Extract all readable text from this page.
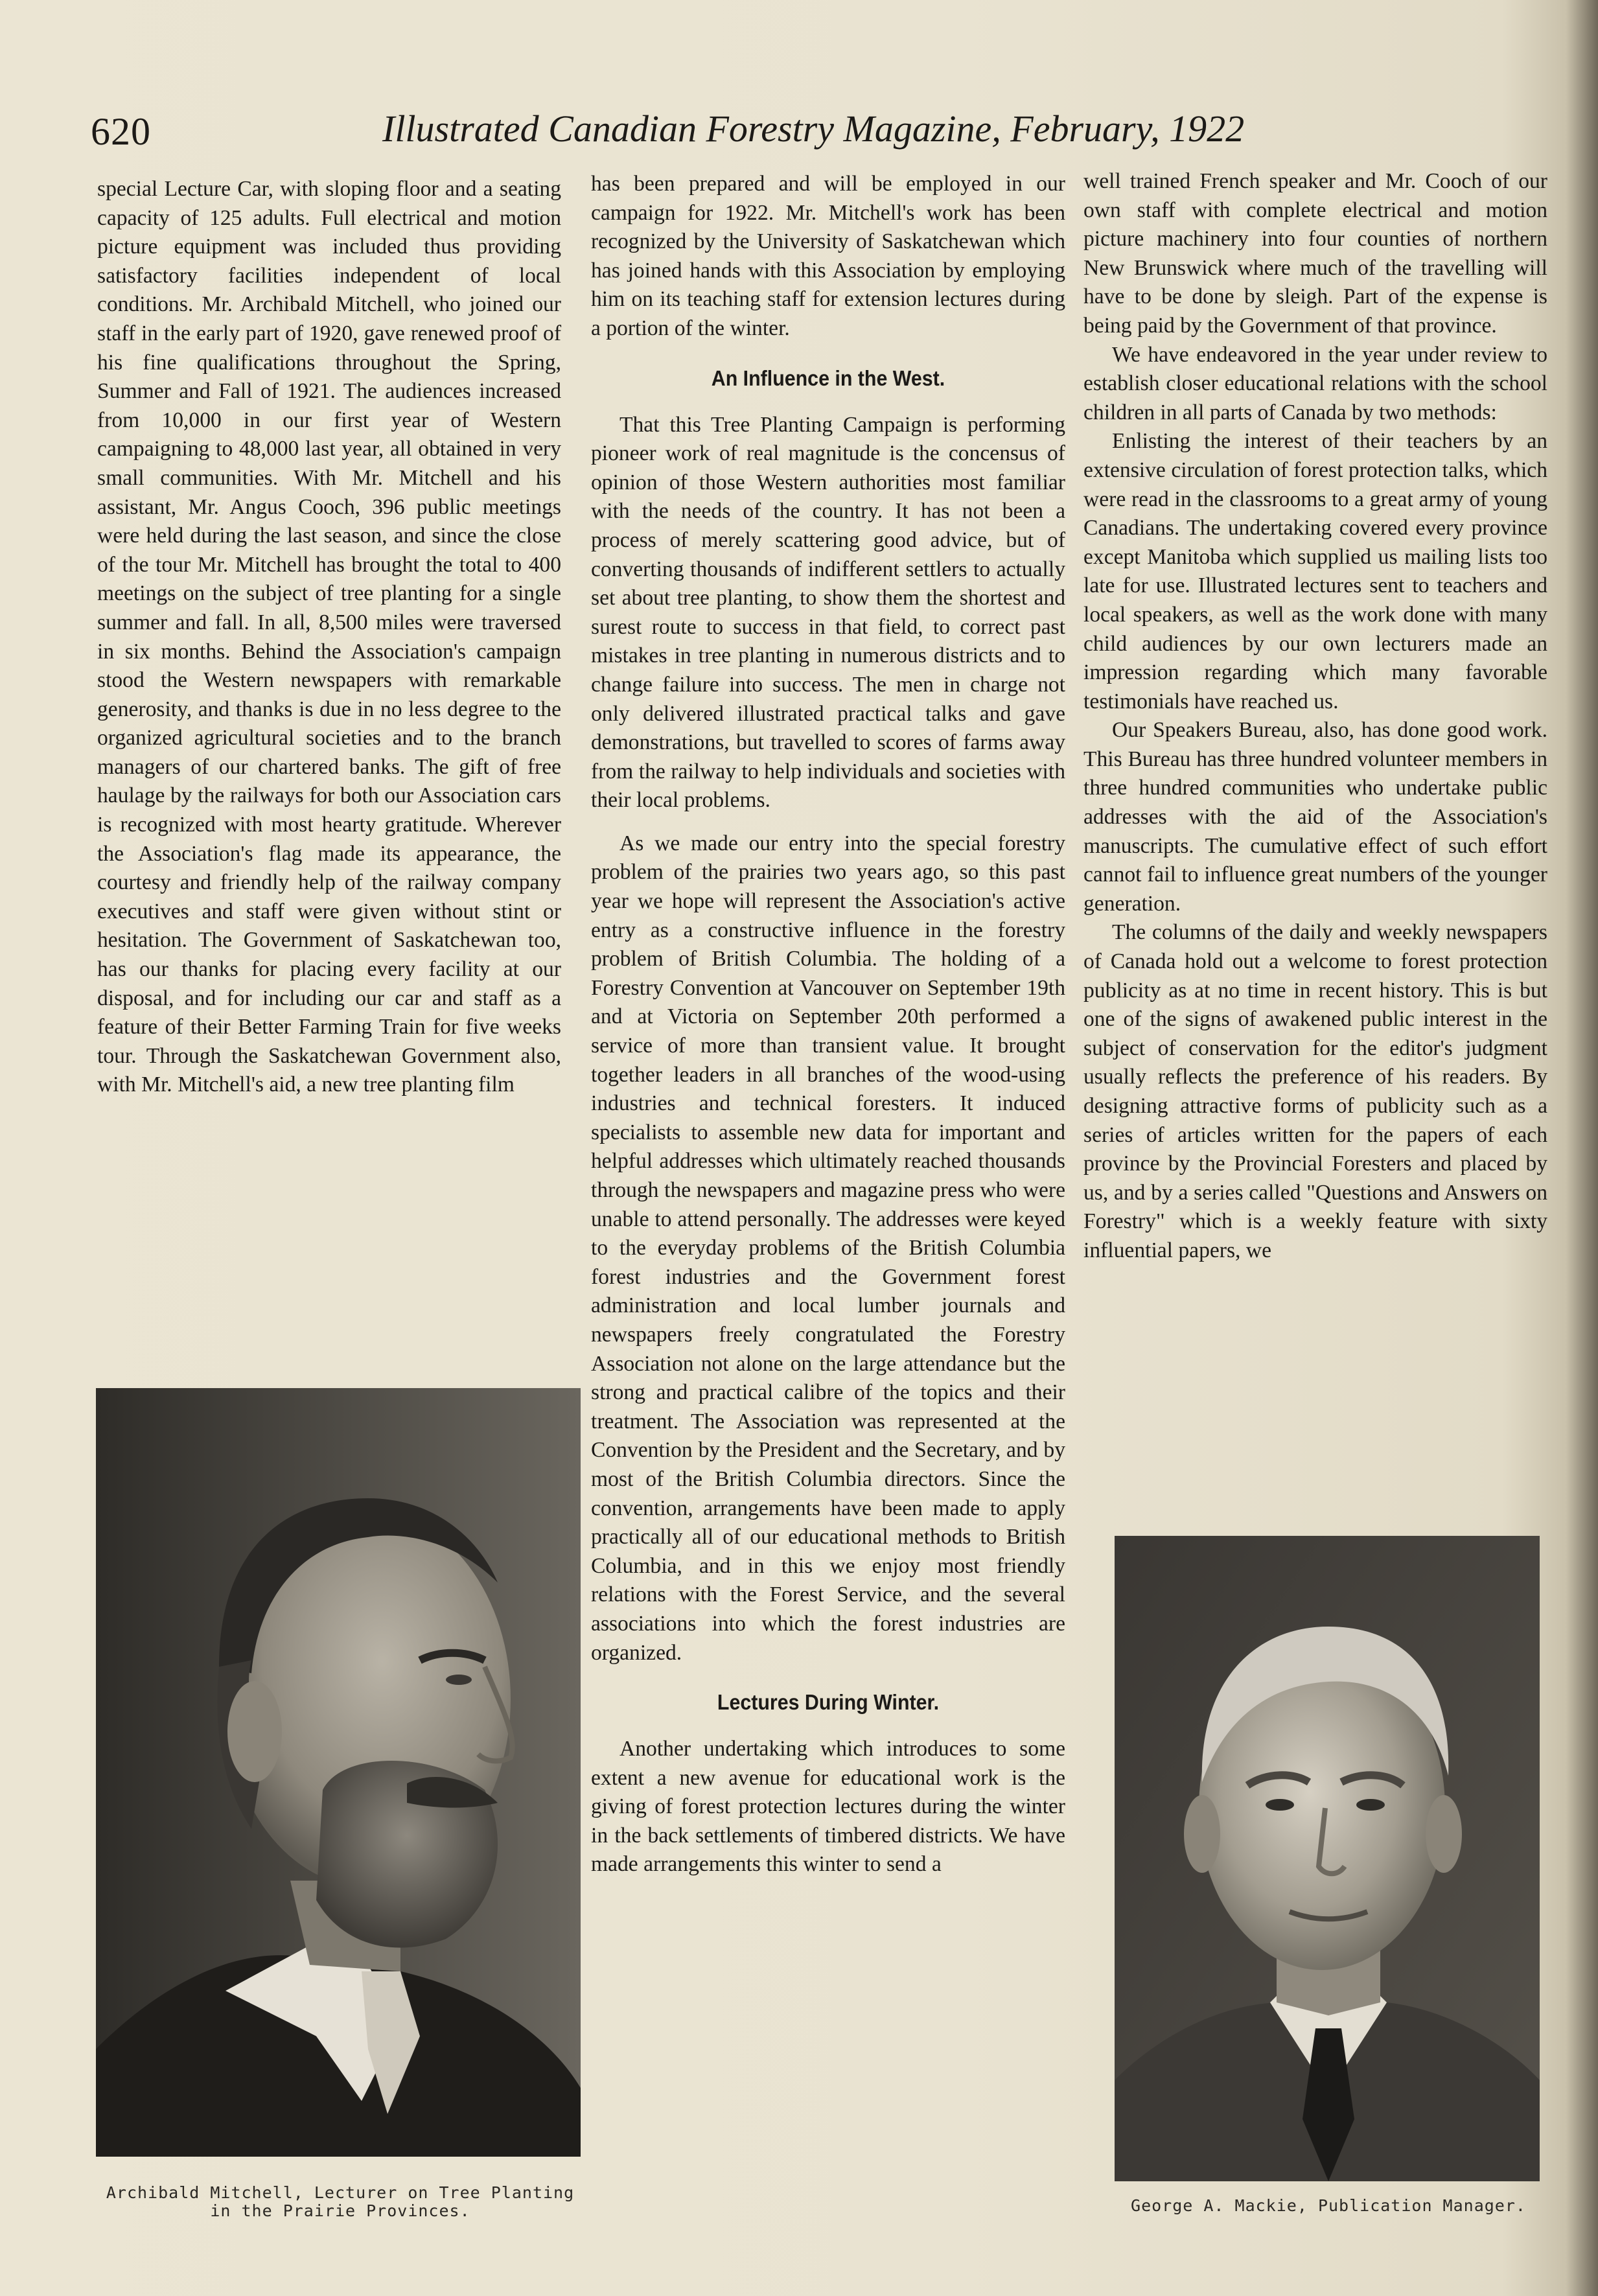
620	Illustrated Canadian Forestry Magazine, February, 1922

special Lecture Car, with sloping floor and a seating capacity of 125 adults. Full electrical and motion picture equipment was included thus providing satisfactory facilities independent of local conditions. Mr. Archibald Mitchell, who joined our staff in the early part of 1920, gave renewed proof of his fine qualifications throughout the Spring, Summer and Fall of 1921. The audiences increased from 10,000 in our first year of Western campaigning to 48,000 last year, all obtained in very small communities. With Mr. Mitchell and his assistant, Mr. Angus Cooch, 396 public meetings were held during the last season, and since the close of the tour Mr. Mitchell has brought the total to 400 meetings on the subject of tree planting for a single summer and fall. In all, 8,500 miles were traversed in six months. Behind the Association's campaign stood the Western newspapers with remarkable generosity, and thanks is due in no less degree to the organized agricultural societies and to the branch managers of our chartered banks. The gift of free haulage by the railways for both our Association cars is recognized with most hearty gratitude. Wherever the Association's flag made its appearance, the courtesy and friendly help of the railway company executives and staff were given without stint or hesitation. The Government of Saskatchewan too, has our thanks for placing every facility at our disposal, and for including our car and staff as a feature of their Better Farming Train for five weeks tour. Through the Saskatchewan Government also, with Mr. Mitchell's aid, a new tree planting film

has been prepared and will be employed in our campaign for 1922. Mr. Mitchell's work has been recognized by the University of Saskatchewan which has joined hands with this Association by employing him on its teaching staff for extension lectures during a portion of the winter.

An Influence in the West.

That this Tree Planting Campaign is performing pioneer work of real magnitude is the concensus of opinion of those Western authorities most familiar with the needs of the country. It has not been a process of merely scattering good advice, but of converting thousands of indifferent settlers to actually set about tree planting, to show them the shortest and surest route to success in that field, to correct past mistakes in tree planting in numerous districts and to change failure into success. The men in charge not only delivered illustrated practical talks and gave demonstrations, but travelled to scores of farms away from the railway to help individuals and societies with their local problems.

As we made our entry into the special forestry problem of the prairies two years ago, so this past year we hope will represent the Association's active entry as a constructive influence in the forestry problem of British Columbia. The holding of a Forestry Convention at Vancouver on September 19th and at Victoria on September 20th performed a service of more than transient value. It brought together leaders in all branches of the wood-using industries and technical foresters. It induced specialists to assemble new data for important and helpful addresses which ultimately reached thousands through the newspapers and magazine press who were unable to attend personally. The addresses were keyed to the everyday problems of the British Columbia forest industries and the Government forest administration and local lumber journals and newspapers freely congratulated the Forestry Association not alone on the large attendance but the strong and practical calibre of the topics and their treatment. The Association was represented at the Convention by the President and the Secretary, and by most of the British Columbia directors. Since the convention, arrangements have been made to apply practically all of our educational methods to British Columbia, and in this we enjoy most friendly relations with the Forest Service, and the several associations into which the forest industries are organized.

Lectures During Winter.

Another undertaking which introduces to some extent a new avenue for educational work is the giving of forest protection lectures during the winter in the back settlements of timbered districts. We have made arrangements this winter to send a

well trained French speaker and Mr. Cooch of our own staff with complete electrical and motion picture machinery into four counties of northern New Brunswick where much of the travelling will have to be done by sleigh. Part of the expense is being paid by the Government of that province.

We have endeavored in the year under review to establish closer educational relations with the school children in all parts of Canada by two methods:

Enlisting the interest of their teachers by an extensive circulation of forest protection talks, which were read in the classrooms to a great army of young Canadians. The undertaking covered every province except Manitoba which supplied us mailing lists too late for use. Illustrated lectures sent to teachers and local speakers, as well as the work done with many child audiences by our own lecturers made an impression regarding which many favorable testimonials have reached us.

Our Speakers Bureau, also, has done good work. This Bureau has three hundred volunteer members in three hundred communities who undertake public addresses with the aid of the Association's manuscripts. The cumulative effect of such effort cannot fail to influence great numbers of the younger generation.

The columns of the daily and weekly newspapers of Canada hold out a welcome to forest protection publicity as at no time in recent history. This is but one of the signs of awakened public interest in the subject of conservation for the editor's judgment usually reflects the preference of his readers. By designing attractive forms of publicity such as a series of articles written for the papers of each province by the Provincial Foresters and placed by us, and by a series called "Questions and Answers on Forestry" which is a weekly feature with sixty influential papers, we

Archibald Mitchell, Lecturer on Tree Planting in the Prairie Provinces.	George A. Mackie, Publication Manager.
